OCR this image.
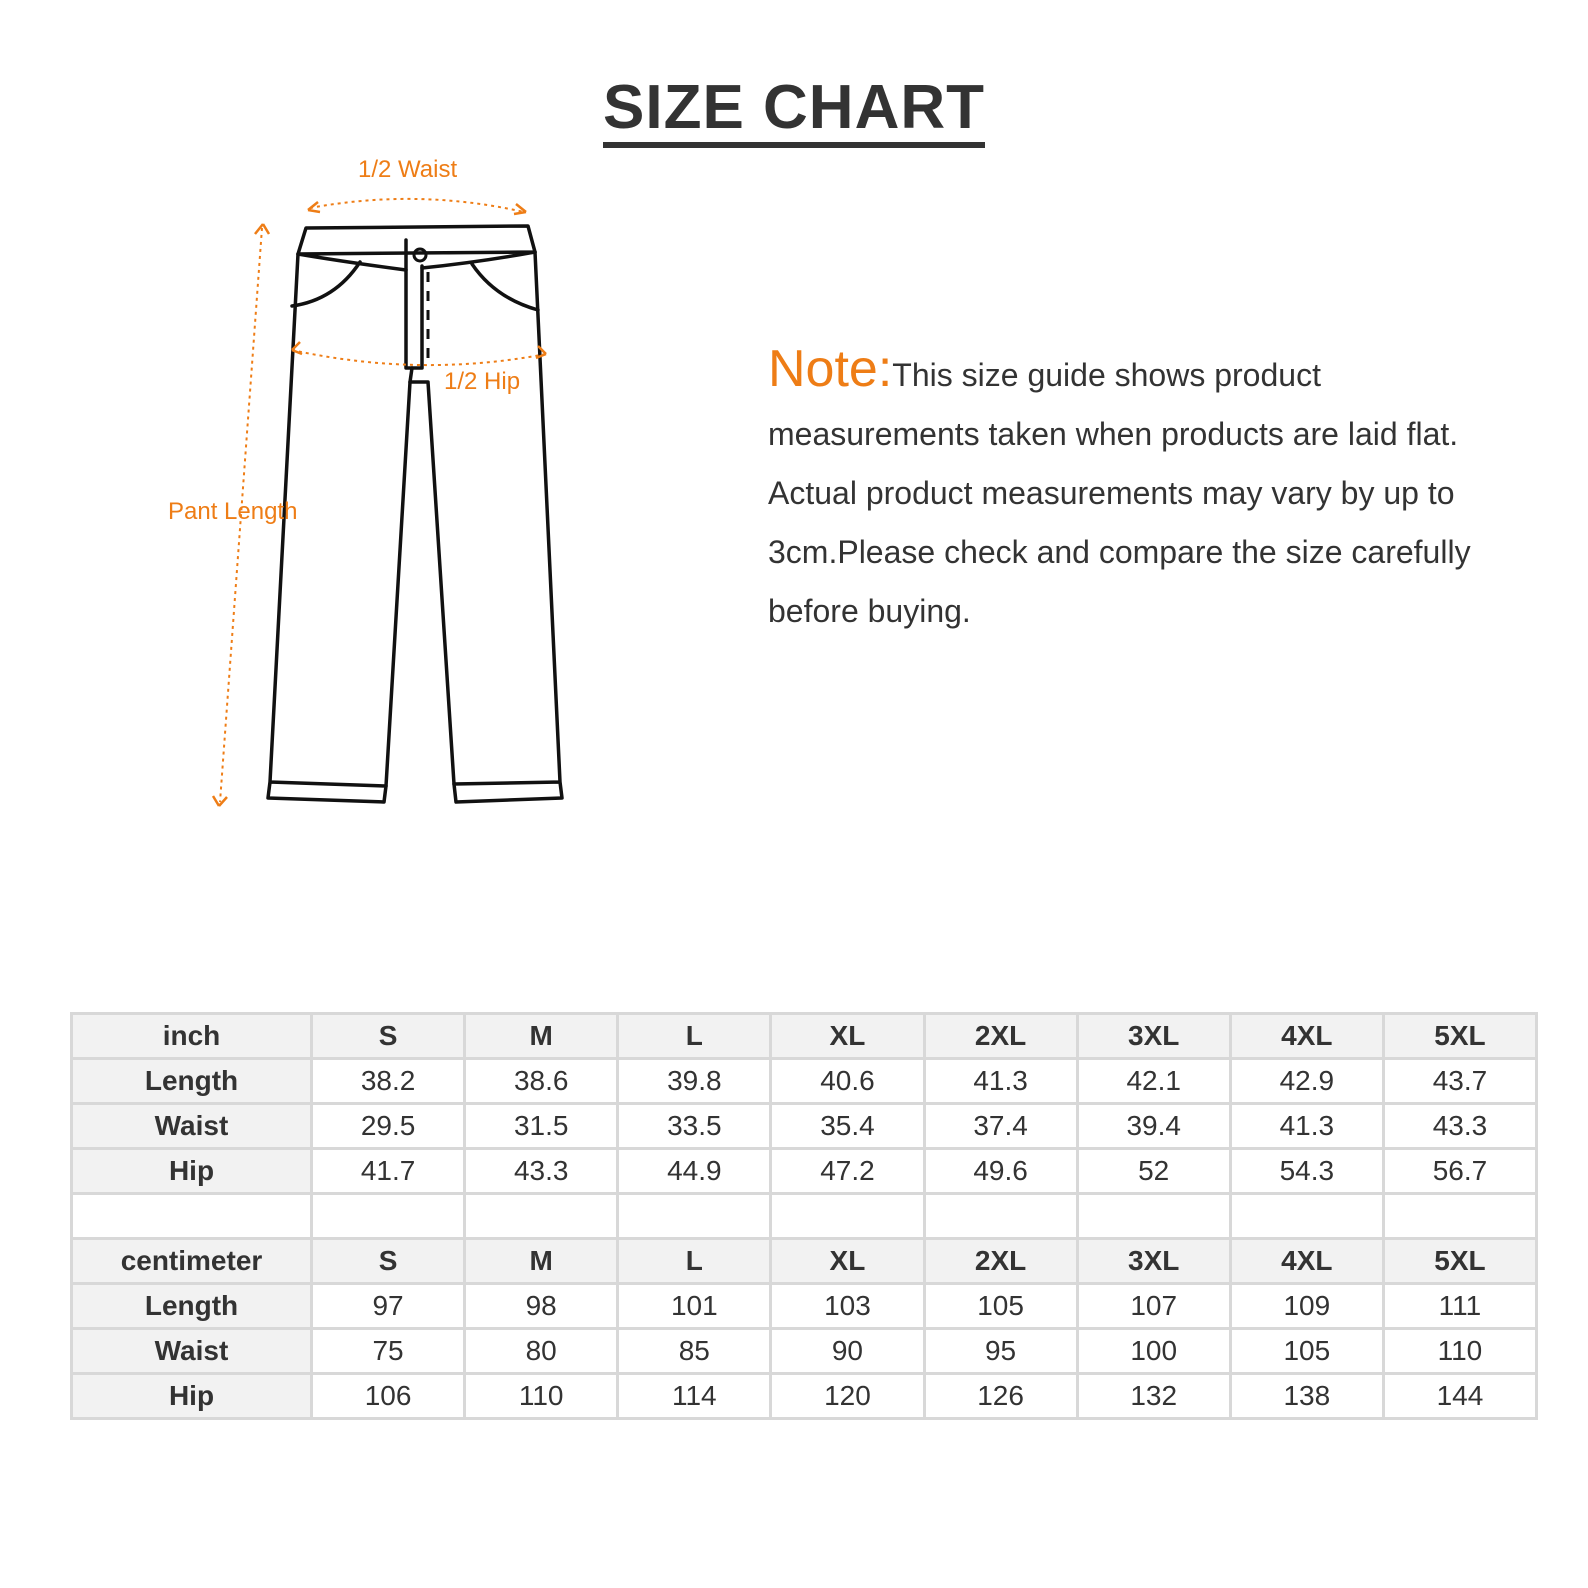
SIZE CHART
1/2 Waist
1/2 Hip
Pant Length
Note:This size guide shows product measurements taken when products are laid flat. Actual product measurements may vary by up to 3cm.Please check and compare the size carefully before buying.
inch	S	M	L	XL	2XL	3XL	4XL	5XL
Length	38.2	38.6	39.8	40.6	41.3	42.1	42.9	43.7
Waist	29.5	31.5	33.5	35.4	37.4	39.4	41.3	43.3
Hip	41.7	43.3	44.9	47.2	49.6	52	54.3	56.7

centimeter	S	M	L	XL	2XL	3XL	4XL	5XL
Length	97	98	101	103	105	107	109	111
Waist	75	80	85	90	95	100	105	110
Hip	106	110	114	120	126	132	138	144
